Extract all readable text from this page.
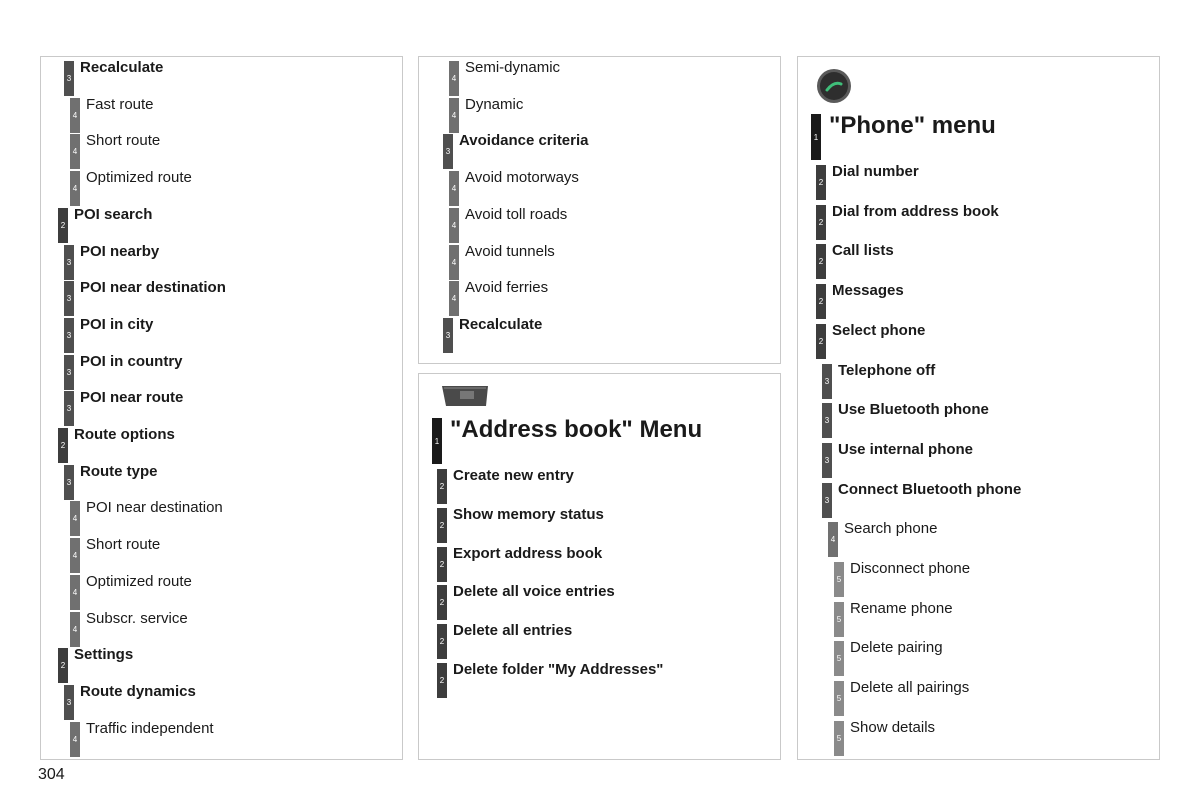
3
Recalculate
4
Fast route
4
Short route
4
Optimized route
2
POI search
3
POI nearby
3
POI near destination
3
POI in city
3
POI in country
3
POI near route
2
Route options
3
Route type
4
POI near destination
4
Short route
4
Optimized route
4
Subscr. service
2
Settings
3
Route dynamics
4
Traffic independent
4
Semi-dynamic
4
Dynamic
3
Avoidance criteria
4
Avoid motorways
4
Avoid toll roads
4
Avoid tunnels
4
Avoid ferries
3
Recalculate
1 "Address book" Menu
2
Create new entry
2
Show memory status
2
Export address book
2
Delete all voice entries
2
Delete all entries
2
Delete folder "My Addresses"
1 "Phone" menu
2
Dial number
2
Dial from address book
2
Call lists
2
Messages
2
Select phone
3
Telephone off
3
Use Bluetooth phone
3
Use internal phone
3
Connect Bluetooth phone
4
Search phone
5
Disconnect phone
5
Rename phone
5
Delete pairing
5
Delete all pairings
5
Show details
304
